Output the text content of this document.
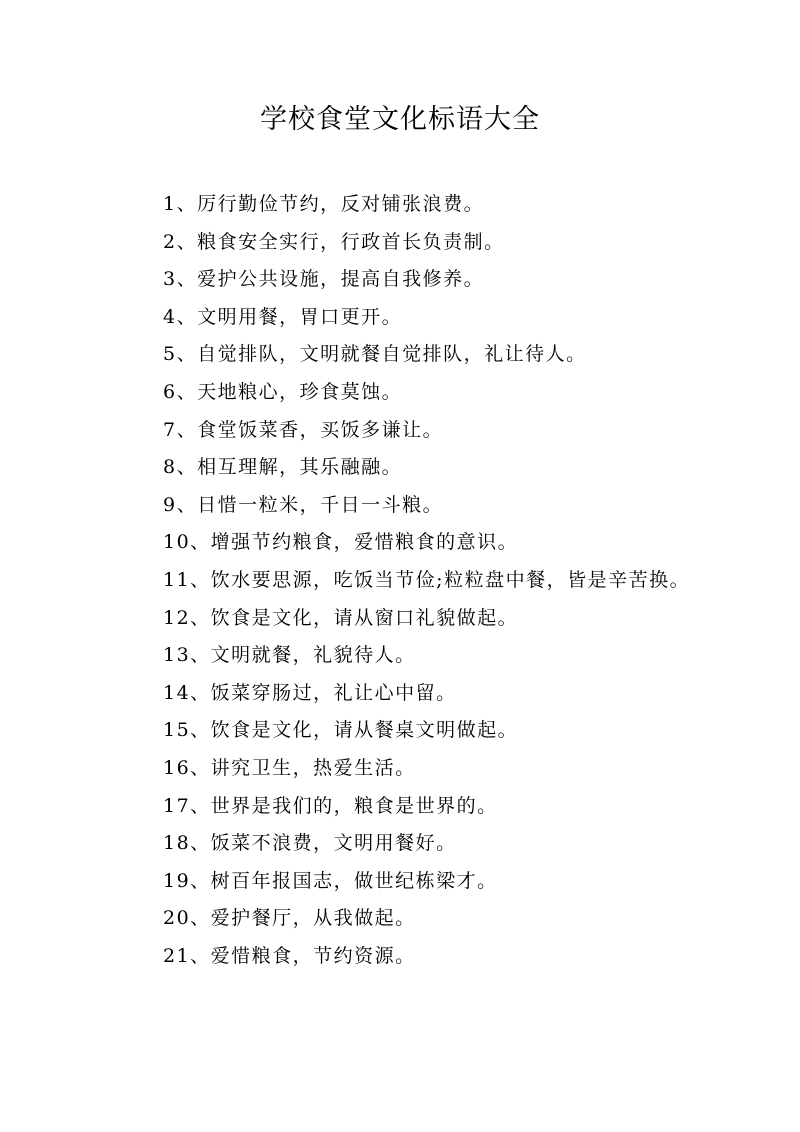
学校食堂文化标语大全
1、厉行勤俭节约，反对铺张浪费。
2、粮食安全实行，行政首长负责制。
3、爱护公共设施，提高自我修养。
4、文明用餐，胃口更开。
5、自觉排队，文明就餐自觉排队，礼让待人。
6、天地粮心，珍食莫蚀。
7、食堂饭菜香，买饭多谦让。
8、相互理解，其乐融融。
9、日惜一粒米，千日一斗粮。
10、增强节约粮食，爱惜粮食的意识。
11、饮水要思源，吃饭当节俭;粒粒盘中餐，皆是辛苦换。
12、饮食是文化，请从窗口礼貌做起。
13、文明就餐，礼貌待人。
14、饭菜穿肠过，礼让心中留。
15、饮食是文化，请从餐桌文明做起。
16、讲究卫生，热爱生活。
17、世界是我们的，粮食是世界的。
18、饭菜不浪费，文明用餐好。
19、树百年报国志，做世纪栋梁才。
20、爱护餐厅，从我做起。
21、爱惜粮食，节约资源。
